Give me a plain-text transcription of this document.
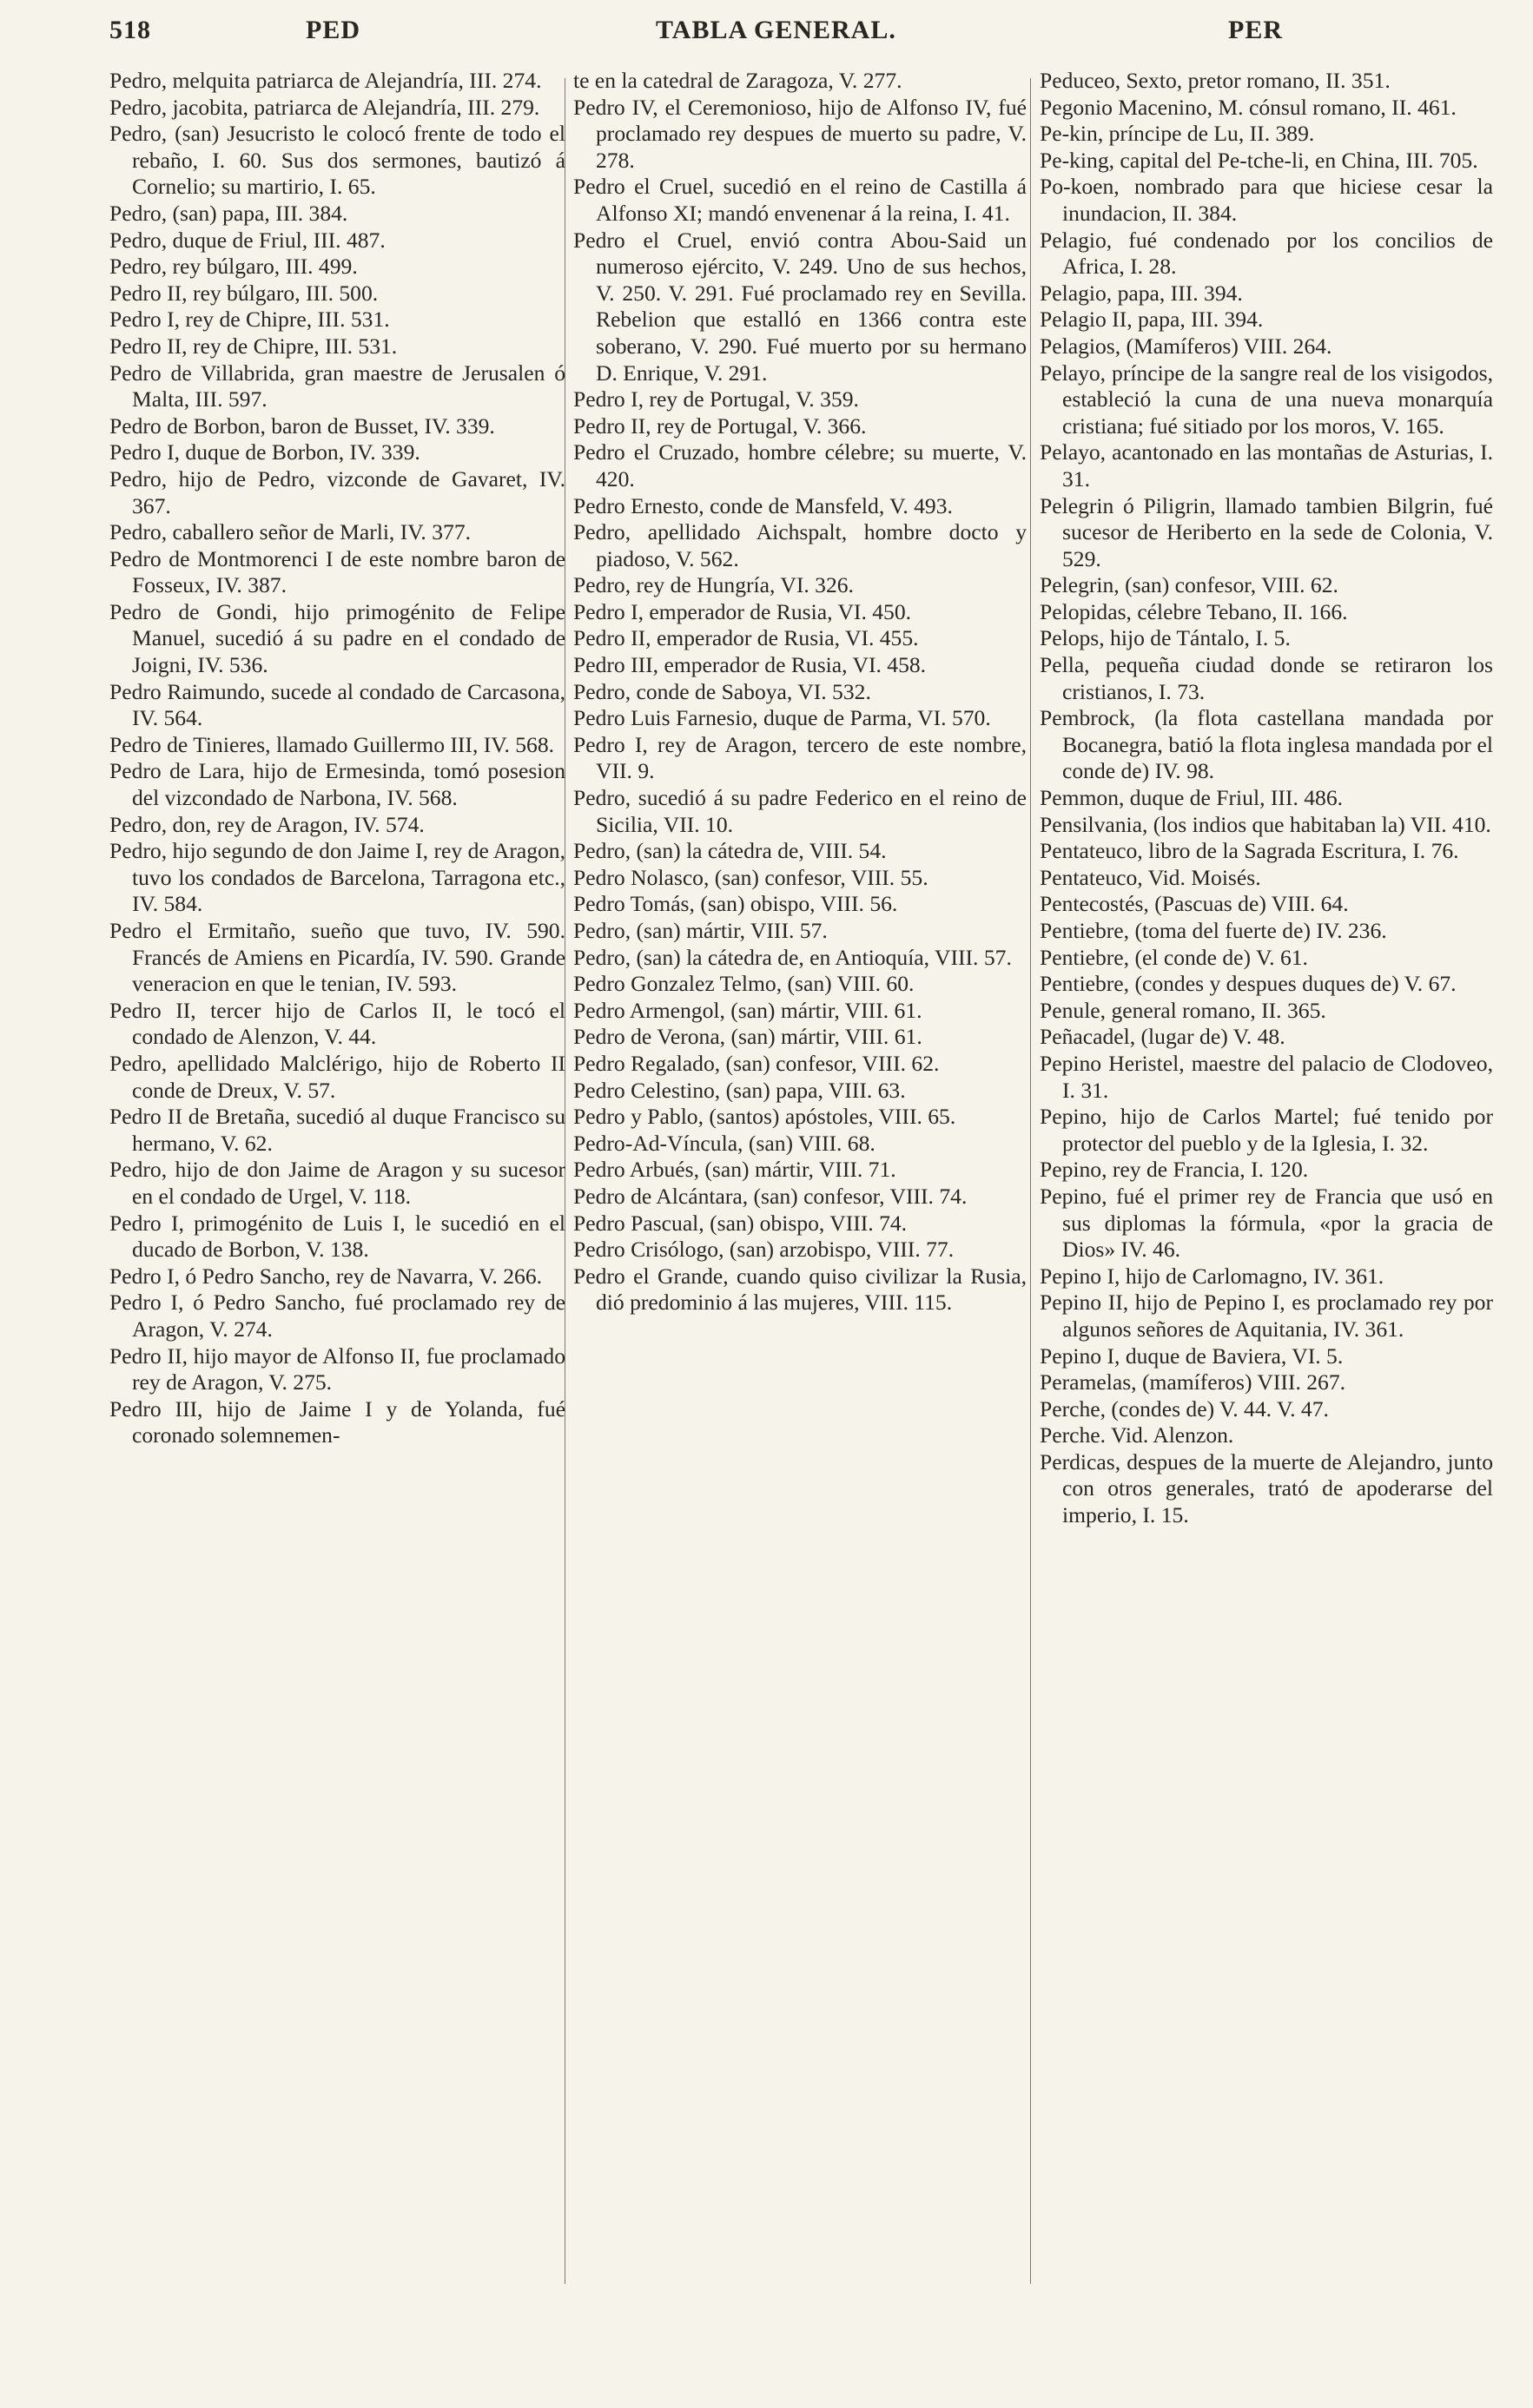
518	PED	TABLA GENERAL.	PER

Pedro, melquita patriarca de Alejandría, III. 274.

Pedro, jacobita, patriarca de Alejandría, III. 279.

Pedro, (san) Jesucristo le colocó frente de todo el rebaño, I. 60. Sus dos sermones, bautizó á Cornelio; su martirio, I. 65.

Pedro, (san) papa, III. 384.

Pedro, duque de Friul, III. 487.

Pedro, rey búlgaro, III. 499.

Pedro II, rey búlgaro, III. 500.

Pedro I, rey de Chipre, III. 531.

Pedro II, rey de Chipre, III. 531.

Pedro de Villabrida, gran maestre de Jerusalen ó Malta, III. 597.

Pedro de Borbon, baron de Busset, IV. 339.

Pedro I, duque de Borbon, IV. 339.

Pedro, hijo de Pedro, vizconde de Gavaret, IV. 367.

Pedro, caballero señor de Marli, IV. 377.

Pedro de Montmorenci I de este nombre baron de Fosseux, IV. 387.

Pedro de Gondi, hijo primogénito de Felipe Manuel, sucedió á su padre en el condado de Joigni, IV. 536.

Pedro Raimundo, sucede al condado de Carcasona, IV. 564.

Pedro de Tinieres, llamado Guillermo III, IV. 568.

Pedro de Lara, hijo de Ermesinda, tomó posesion del vizcondado de Narbona, IV. 568.

Pedro, don, rey de Aragon, IV. 574.

Pedro, hijo segundo de don Jaime I, rey de Aragon, tuvo los condados de Barcelona, Tarragona etc., IV. 584.

Pedro el Ermitaño, sueño que tuvo, IV. 590. Francés de Amiens en Picardía, IV. 590. Grande veneracion en que le tenian, IV. 593.

Pedro II, tercer hijo de Carlos II, le tocó el condado de Alenzon, V. 44.

Pedro, apellidado Malclérigo, hijo de Roberto II conde de Dreux, V. 57.

Pedro II de Bretaña, sucedió al duque Francisco su hermano, V. 62.

Pedro, hijo de don Jaime de Aragon y su sucesor en el condado de Urgel, V. 118.

Pedro I, primogénito de Luis I, le sucedió en el ducado de Borbon, V. 138.

Pedro I, ó Pedro Sancho, rey de Navarra, V. 266.

Pedro I, ó Pedro Sancho, fué proclamado rey de Aragon, V. 274.

Pedro II, hijo mayor de Alfonso II, fue proclamado rey de Aragon, V. 275.

Pedro III, hijo de Jaime I y de Yolanda, fué coronado solemnemen-

te en la catedral de Zaragoza, V. 277.

Pedro IV, el Ceremonioso, hijo de Alfonso IV, fué proclamado rey despues de muerto su padre, V. 278.

Pedro el Cruel, sucedió en el reino de Castilla á Alfonso XI; mandó envenenar á la reina, I. 41.

Pedro el Cruel, envió contra Abou-Said un numeroso ejército, V. 249. Uno de sus hechos, V. 250. V. 291. Fué proclamado rey en Sevilla. Rebelion que estalló en 1366 contra este soberano, V. 290. Fué muerto por su hermano D. Enrique, V. 291.

Pedro I, rey de Portugal, V. 359.

Pedro II, rey de Portugal, V. 366.

Pedro el Cruzado, hombre célebre; su muerte, V. 420.

Pedro Ernesto, conde de Mansfeld, V. 493.

Pedro, apellidado Aichspalt, hombre docto y piadoso, V. 562.

Pedro, rey de Hungría, VI. 326.

Pedro I, emperador de Rusia, VI. 450.

Pedro II, emperador de Rusia, VI. 455.

Pedro III, emperador de Rusia, VI. 458.

Pedro, conde de Saboya, VI. 532.

Pedro Luis Farnesio, duque de Parma, VI. 570.

Pedro I, rey de Aragon, tercero de este nombre, VII. 9.

Pedro, sucedió á su padre Federico en el reino de Sicilia, VII. 10.

Pedro, (san) la cátedra de, VIII. 54.

Pedro Nolasco, (san) confesor, VIII. 55.

Pedro Tomás, (san) obispo, VIII. 56.

Pedro, (san) mártir, VIII. 57.

Pedro, (san) la cátedra de, en Antioquía, VIII. 57.

Pedro Gonzalez Telmo, (san) VIII. 60.

Pedro Armengol, (san) mártir, VIII. 61.

Pedro de Verona, (san) mártir, VIII. 61.

Pedro Regalado, (san) confesor, VIII. 62.

Pedro Celestino, (san) papa, VIII. 63.

Pedro y Pablo, (santos) apóstoles, VIII. 65.

Pedro-Ad-Víncula, (san) VIII. 68.

Pedro Arbués, (san) mártir, VIII. 71.

Pedro de Alcántara, (san) confesor, VIII. 74.

Pedro Pascual, (san) obispo, VIII. 74.

Pedro Crisólogo, (san) arzobispo, VIII. 77.

Pedro el Grande, cuando quiso civilizar la Rusia, dió predominio á las mujeres, VIII. 115.

Peduceo, Sexto, pretor romano, II. 351.

Pegonio Macenino, M. cónsul romano, II. 461.

Pe-kin, príncipe de Lu, II. 389.

Pe-king, capital del Pe-tche-li, en China, III. 705.

Po-koen, nombrado para que hiciese cesar la inundacion, II. 384.

Pelagio, fué condenado por los concilios de Africa, I. 28.

Pelagio, papa, III. 394.

Pelagio II, papa, III. 394.

Pelagios, (Mamíferos) VIII. 264.

Pelayo, príncipe de la sangre real de los visigodos, estableció la cuna de una nueva monarquía cristiana; fué sitiado por los moros, V. 165.

Pelayo, acantonado en las montañas de Asturias, I. 31.

Pelegrin ó Piligrin, llamado tambien Bilgrin, fué sucesor de Heriberto en la sede de Colonia, V. 529.

Pelegrin, (san) confesor, VIII. 62.

Pelopidas, célebre Tebano, II. 166.

Pelops, hijo de Tántalo, I. 5.

Pella, pequeña ciudad donde se retiraron los cristianos, I. 73.

Pembrock, (la flota castellana mandada por Bocanegra, batió la flota inglesa mandada por el conde de) IV. 98.

Pemmon, duque de Friul, III. 486.

Pensilvania, (los indios que habitaban la) VII. 410.

Pentateuco, libro de la Sagrada Escritura, I. 76.

Pentateuco, Vid. Moisés.

Pentecostés, (Pascuas de) VIII. 64.

Pentiebre, (toma del fuerte de) IV. 236.

Pentiebre, (el conde de) V. 61.

Pentiebre, (condes y despues duques de) V. 67.

Penule, general romano, II. 365.

Peñacadel, (lugar de) V. 48.

Pepino Heristel, maestre del palacio de Clodoveo, I. 31.

Pepino, hijo de Carlos Martel; fué tenido por protector del pueblo y de la Iglesia, I. 32.

Pepino, rey de Francia, I. 120.

Pepino, fué el primer rey de Francia que usó en sus diplomas la fórmula, «por la gracia de Dios» IV. 46.

Pepino I, hijo de Carlomagno, IV. 361.

Pepino II, hijo de Pepino I, es proclamado rey por algunos señores de Aquitania, IV. 361.

Pepino I, duque de Baviera, VI. 5.

Peramelas, (mamíferos) VIII. 267.

Perche, (condes de) V. 44. V. 47.

Perche. Vid. Alenzon.

Perdicas, despues de la muerte de Alejandro, junto con otros generales, trató de apoderarse del imperio, I. 15.
